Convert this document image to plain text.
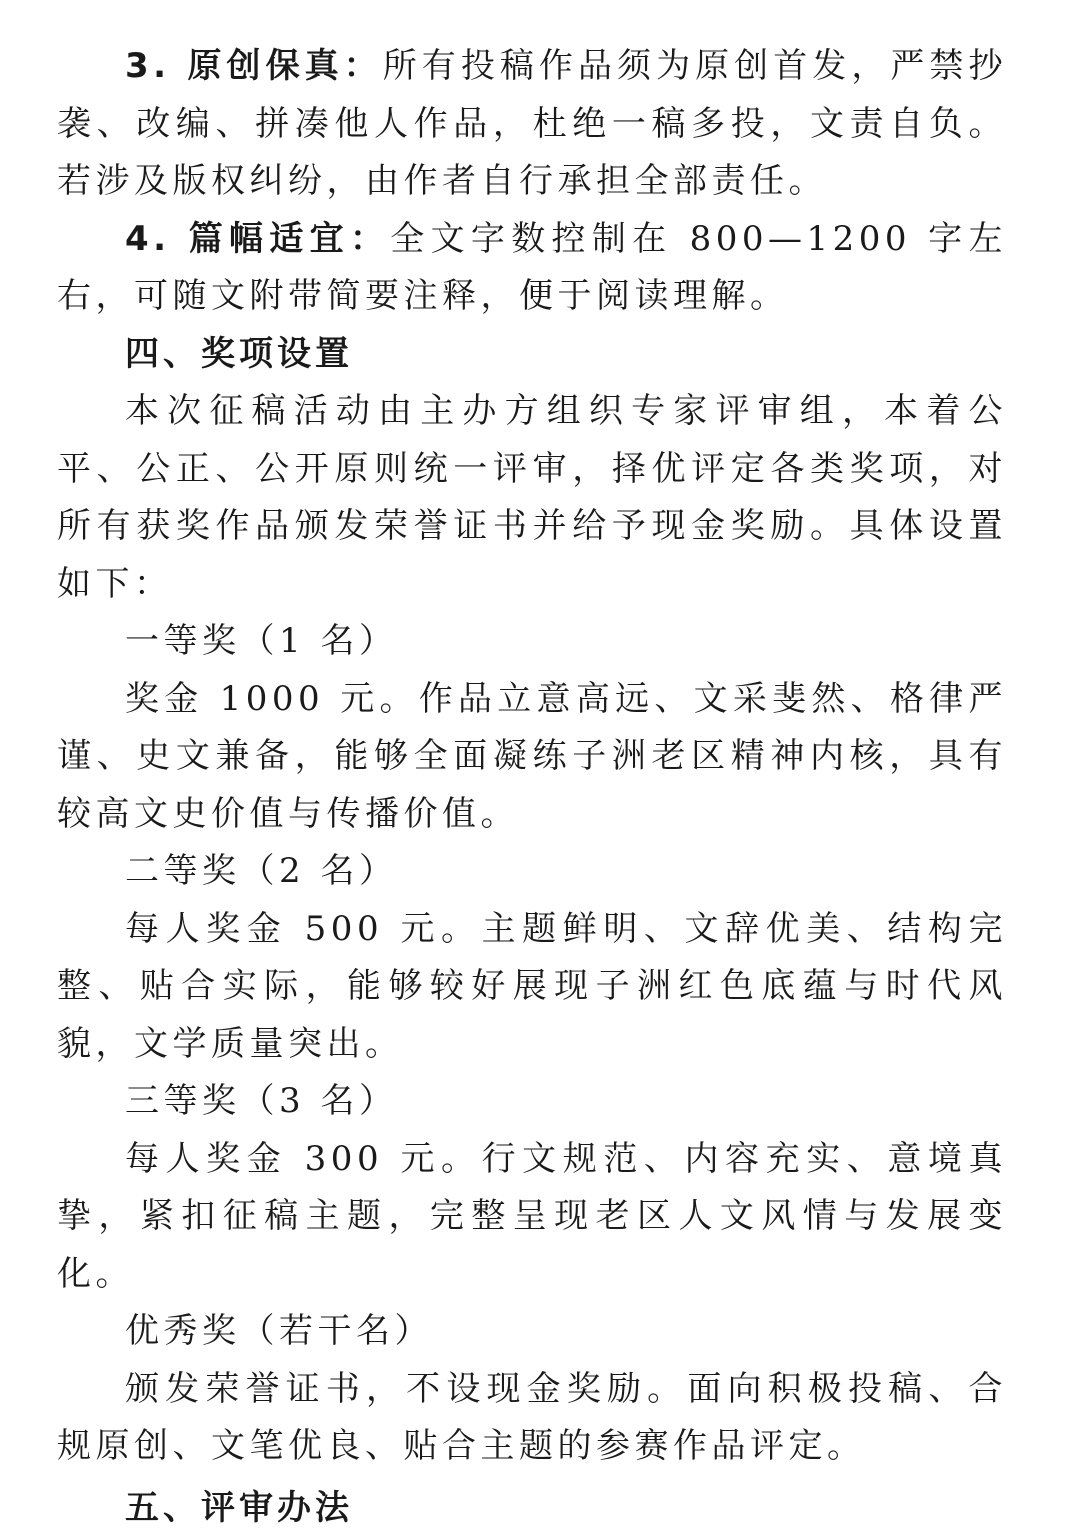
3. 原创保真：所有投稿作品须为原创首发，严禁抄袭、改编、拼凑他人作品，杜绝一稿多投，文责自负。若涉及版权纠纷，由作者自行承担全部责任。

4. 篇幅适宜：全文字数控制在 800—1200 字左右，可随文附带简要注释，便于阅读理解。

四、奖项设置

本次征稿活动由主办方组织专家评审组，本着公平、公正、公开原则统一评审，择优评定各类奖项，对所有获奖作品颁发荣誉证书并给予现金奖励。具体设置如下：

一等奖（1 名）

奖金 1000 元。作品立意高远、文采斐然、格律严谨、史文兼备，能够全面凝练子洲老区精神内核，具有较高文史价值与传播价值。

二等奖（2 名）

每人奖金 500 元。主题鲜明、文辞优美、结构完整、贴合实际，能够较好展现子洲红色底蕴与时代风貌，文学质量突出。

三等奖（3 名）

每人奖金 300 元。行文规范、内容充实、意境真挚，紧扣征稿主题，完整呈现老区人文风情与发展变化。

优秀奖（若干名）

颁发荣誉证书，不设现金奖励。面向积极投稿、合规原创、文笔优良、贴合主题的参赛作品评定。

五、评审办法
